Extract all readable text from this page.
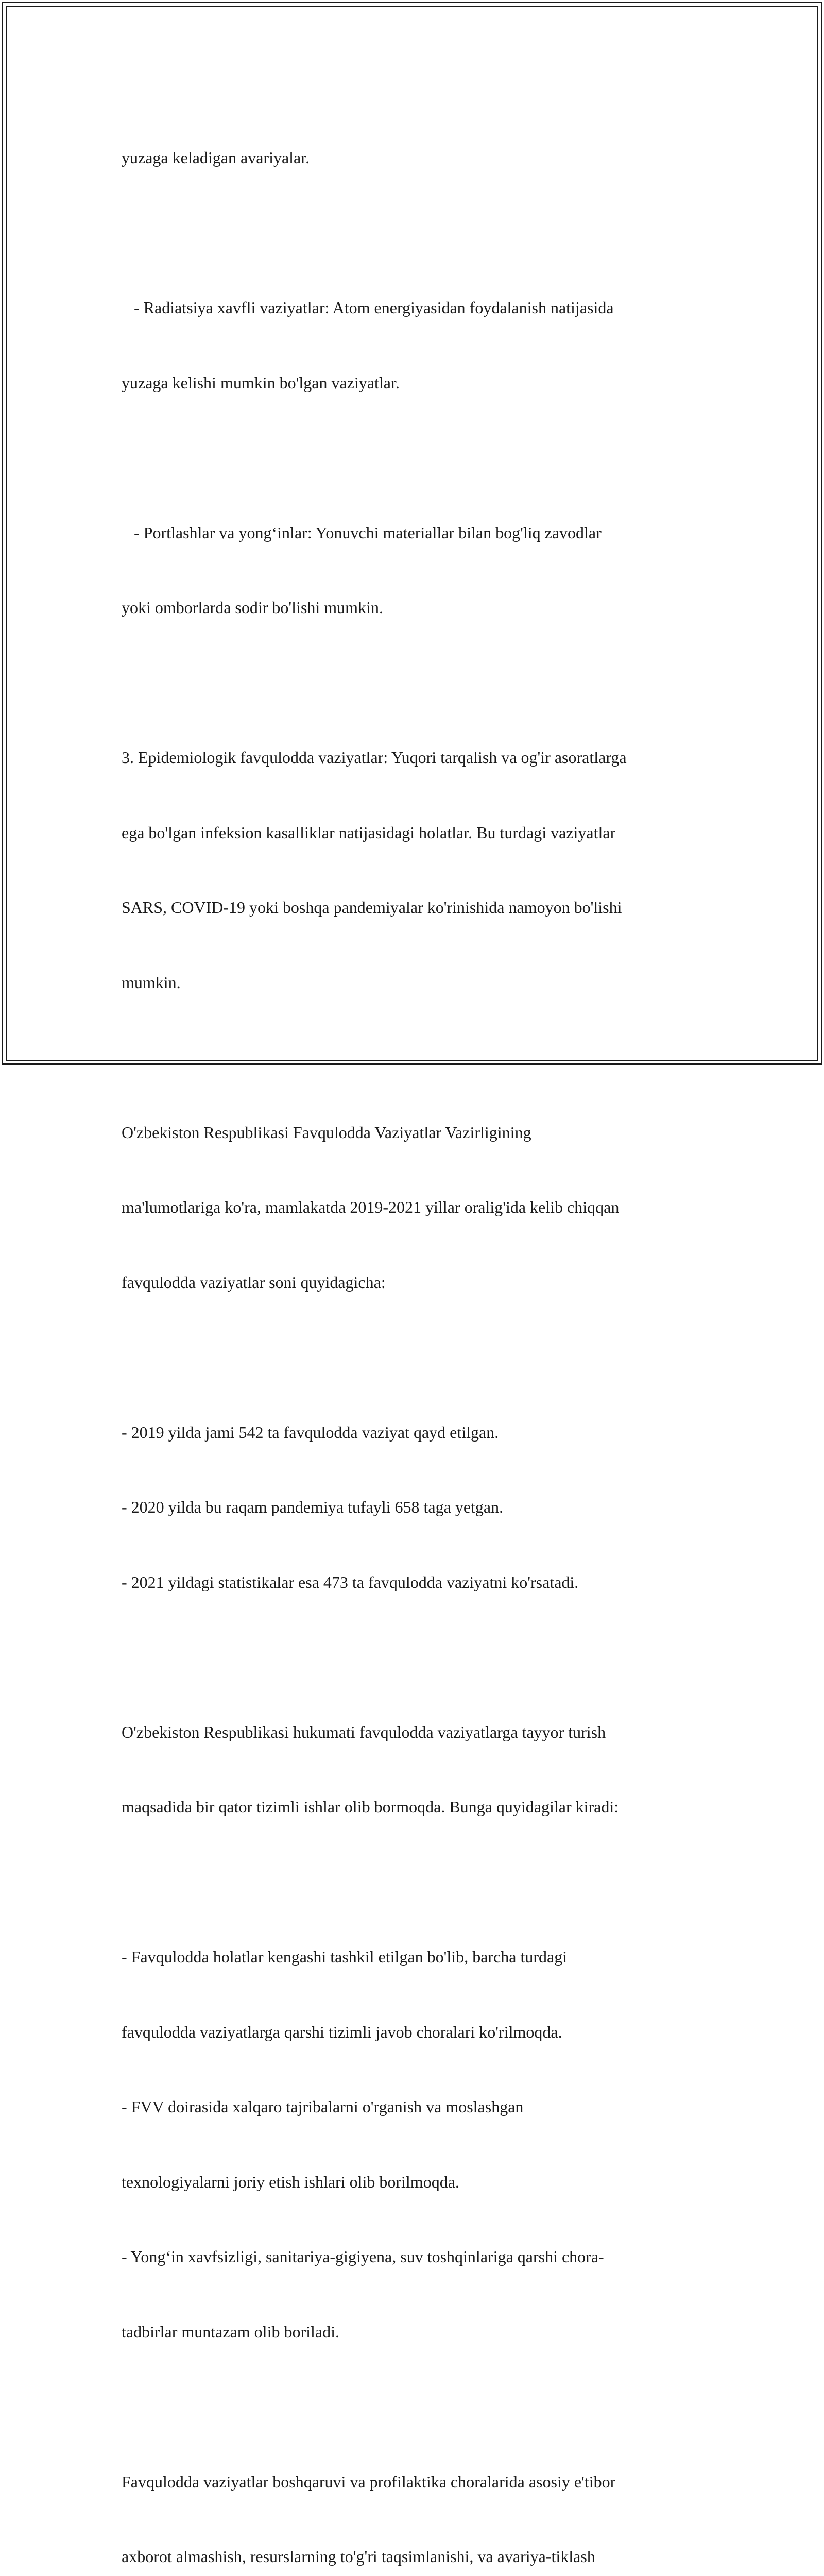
yuzaga keladigan avariyalar.

- Radiatsiya xavfli vaziyatlar: Atom energiyasidan foydalanish natijasida

yuzaga kelishi mumkin bo'lgan vaziyatlar.

- Portlashlar va yong‘inlar: Yonuvchi materiallar bilan bog'liq zavodlar

yoki omborlarda sodir bo'lishi mumkin.

3. Epidemiologik favqulodda vaziyatlar: Yuqori tarqalish va og'ir asoratlarga

ega bo'lgan infeksion kasalliklar natijasidagi holatlar. Bu turdagi vaziyatlar

SARS, COVID-19 yoki boshqa pandemiyalar ko'rinishida namoyon bo'lishi

mumkin.

O'zbekiston Respublikasi Favqulodda Vaziyatlar Vazirligining

ma'lumotlariga ko'ra, mamlakatda 2019-2021 yillar oralig'ida kelib chiqqan

favqulodda vaziyatlar soni quyidagicha:

- 2019 yilda jami 542 ta favqulodda vaziyat qayd etilgan.

- 2020 yilda bu raqam pandemiya tufayli 658 taga yetgan.

- 2021 yildagi statistikalar esa 473 ta favqulodda vaziyatni ko'rsatadi.

O'zbekiston Respublikasi hukumati favqulodda vaziyatlarga tayyor turish

maqsadida bir qator tizimli ishlar olib bormoqda. Bunga quyidagilar kiradi:

- Favqulodda holatlar kengashi tashkil etilgan bo'lib, barcha turdagi

favqulodda vaziyatlarga qarshi tizimli javob choralari ko'rilmoqda.

- FVV doirasida xalqaro tajribalarni o'rganish va moslashgan

texnologiyalarni joriy etish ishlari olib borilmoqda.

- Yong‘in xavfsizligi, sanitariya-gigiyena, suv toshqinlariga qarshi chora-

tadbirlar muntazam olib boriladi.

Favqulodda vaziyatlar boshqaruvi va profilaktika choralarida asosiy e'tibor

axborot almashish, resurslarning to'g'ri taqsimlanishi, va avariya-tiklash
